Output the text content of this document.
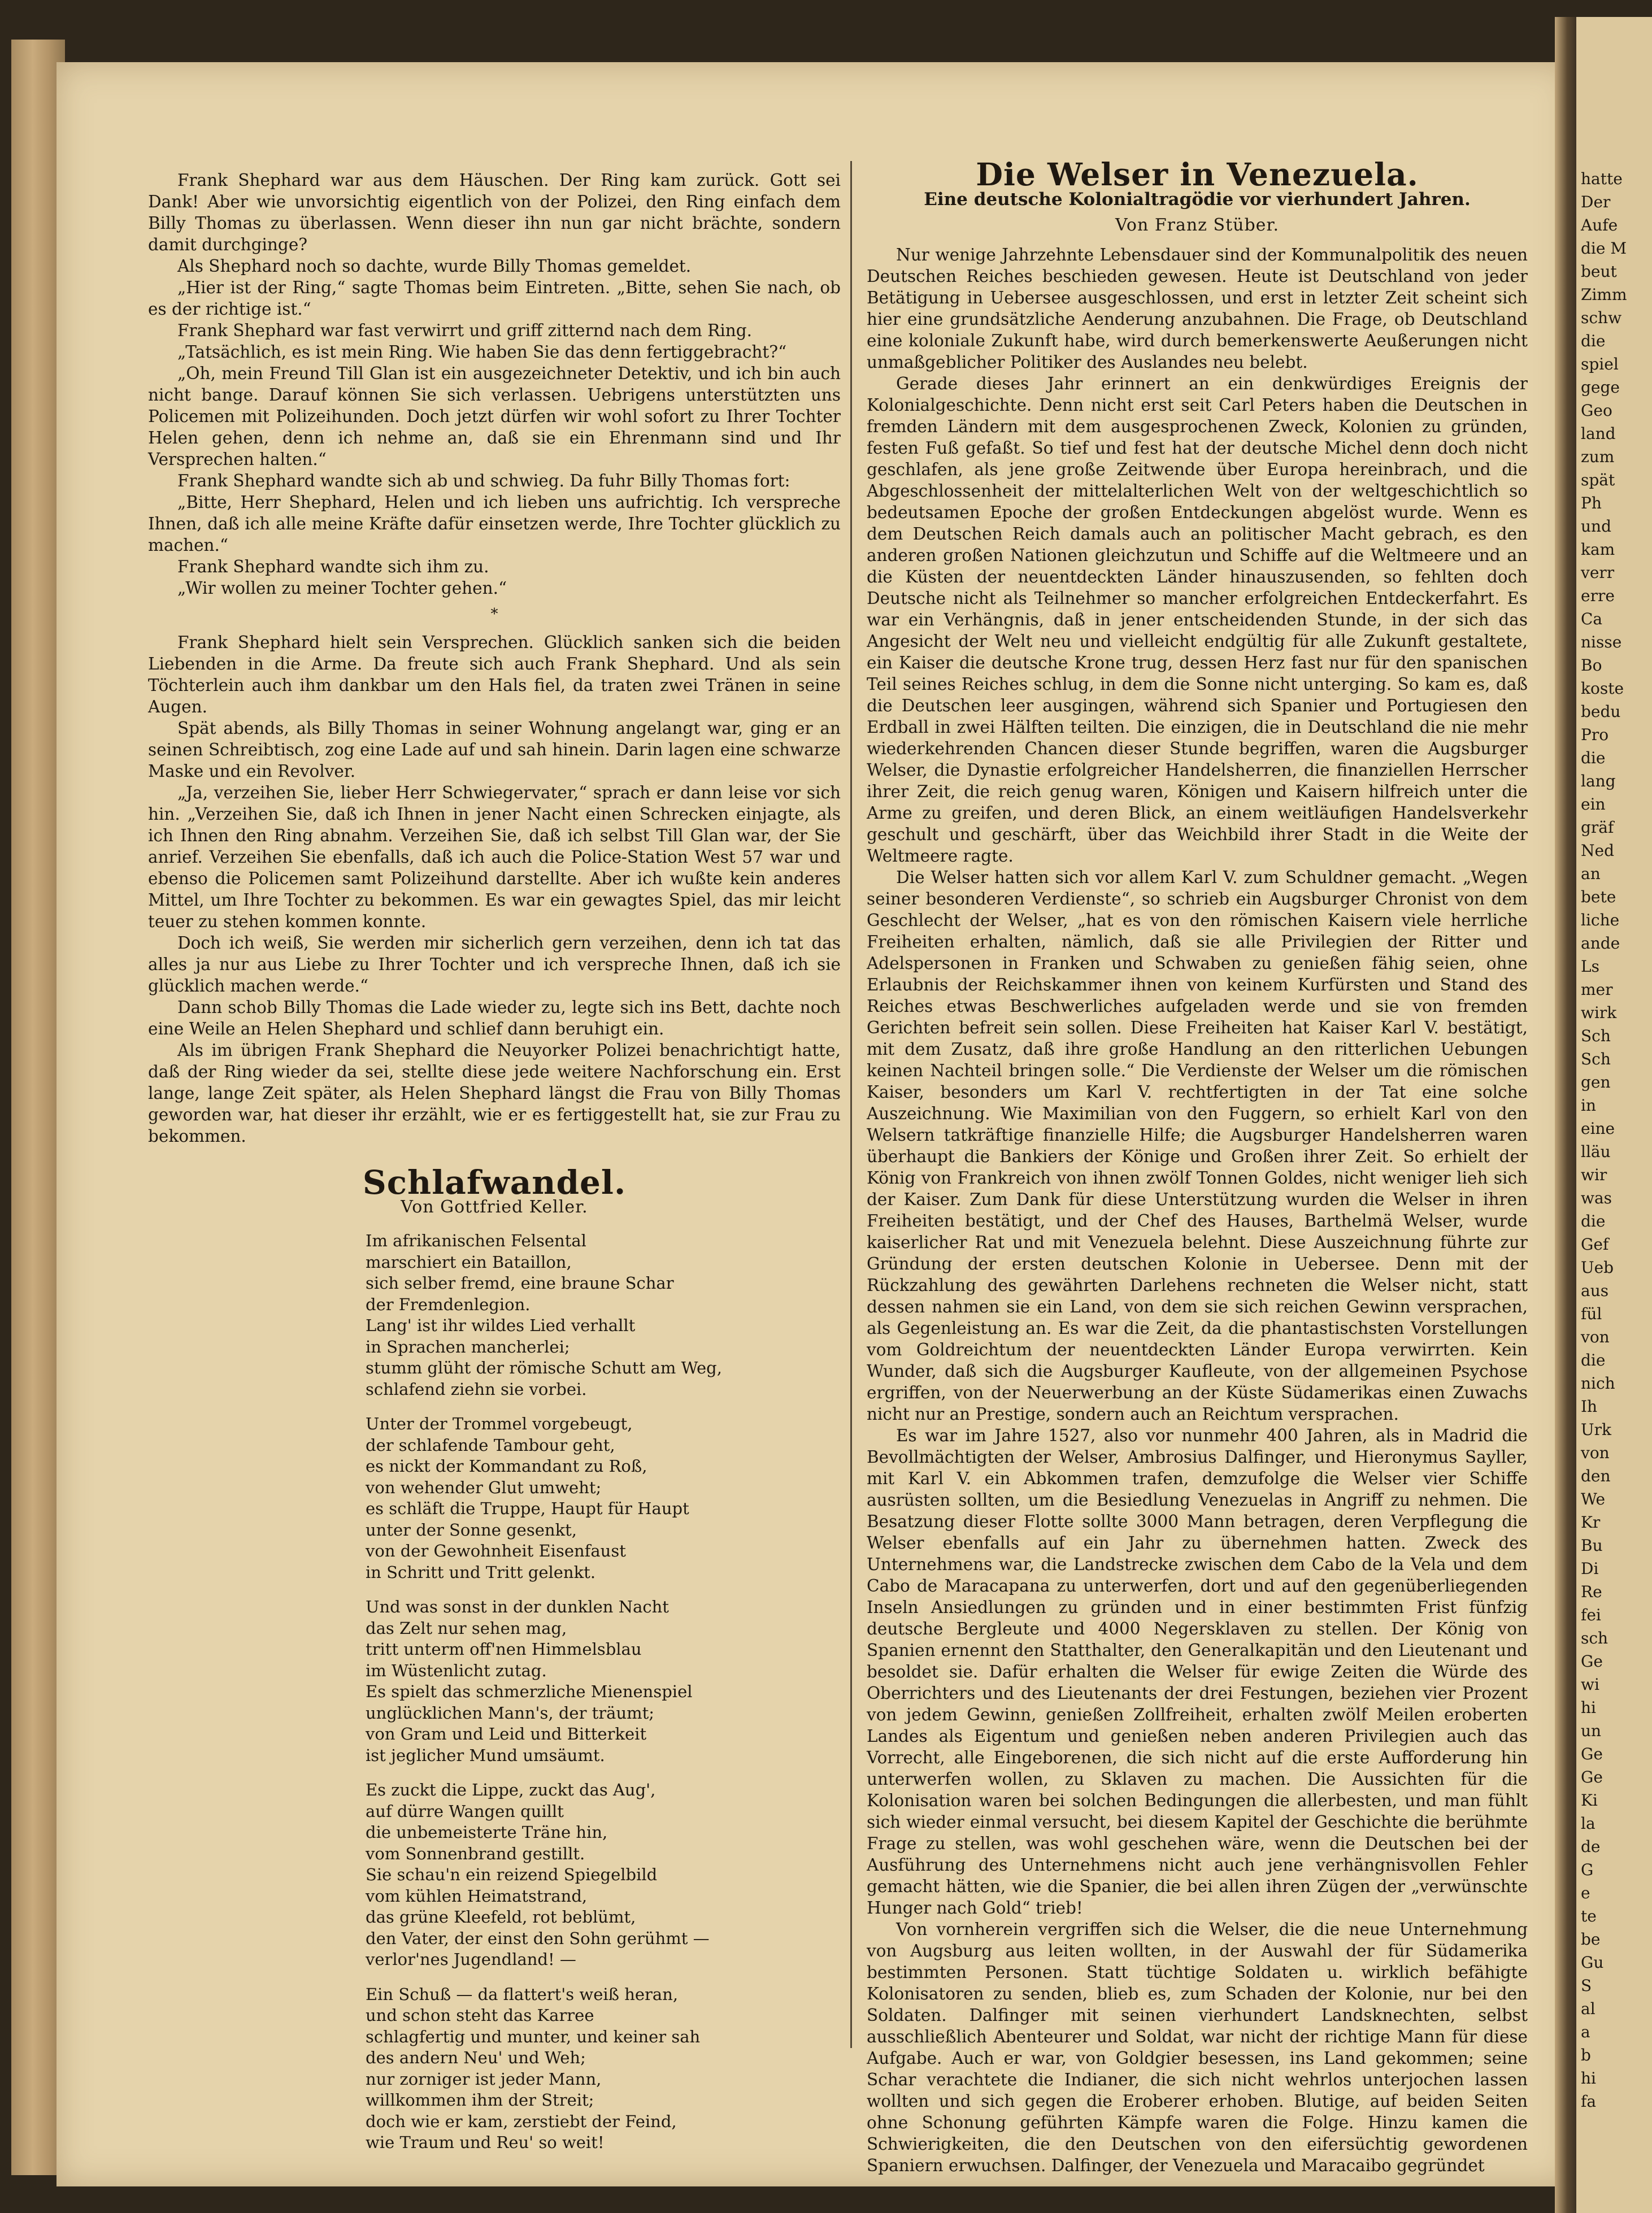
hatte
Der
Aufe
die M
beut
Zimm
schw
die
spiel
gege
Geo
land
zum
spät
Ph
und
kam
verr
erre
Ca
nisse
Bo
koste
bedu
Pro
die
lang
ein
gräf
Ned
an
bete
liche
ande
Ls
mer
wirk
Sch
Sch
gen
in
eine
lläu
wir
was
die
Gef
Ueb
aus
fül
von
die
nich
Ih
Urk
von
den
We
Kr
Bu
Di
Re
fei
sch
Ge
wi
hi
un
Ge
Ge
Ki
la
de
G
e
te
be
Gu
S
al
a
b
hi
fa

Frank Shephard war aus dem Häuschen. Der Ring kam zurück. Gott sei Dank! Aber wie unvorsichtig eigentlich von der Polizei, den Ring einfach dem Billy Thomas zu überlassen. Wenn dieser ihn nun gar nicht brächte, sondern damit durchginge?

Als Shephard noch so dachte, wurde Billy Thomas gemeldet.

„Hier ist der Ring,“ sagte Thomas beim Eintreten. „Bitte, sehen Sie nach, ob es der richtige ist.“

Frank Shephard war fast verwirrt und griff zitternd nach dem Ring.

„Tatsächlich, es ist mein Ring. Wie haben Sie das denn fertiggebracht?“

„Oh, mein Freund Till Glan ist ein ausgezeichneter Detektiv, und ich bin auch nicht bange. Darauf können Sie sich verlassen. Uebrigens unterstützten uns Policemen mit Polizeihunden. Doch jetzt dürfen wir wohl sofort zu Ihrer Tochter Helen gehen, denn ich nehme an, daß sie ein Ehrenmann sind und Ihr Versprechen halten.“

Frank Shephard wandte sich ab und schwieg. Da fuhr Billy Thomas fort:

„Bitte, Herr Shephard, Helen und ich lieben uns aufrichtig. Ich verspreche Ihnen, daß ich alle meine Kräfte dafür einsetzen werde, Ihre Tochter glücklich zu machen.“

Frank Shephard wandte sich ihm zu.

„Wir wollen zu meiner Tochter gehen.“

*

Frank Shephard hielt sein Versprechen. Glücklich sanken sich die beiden Liebenden in die Arme. Da freute sich auch Frank Shephard. Und als sein Töchterlein auch ihm dankbar um den Hals fiel, da traten zwei Tränen in seine Augen.

Spät abends, als Billy Thomas in seiner Wohnung angelangt war, ging er an seinen Schreibtisch, zog eine Lade auf und sah hinein. Darin lagen eine schwarze Maske und ein Revolver.

„Ja, verzeihen Sie, lieber Herr Schwiegervater,“ sprach er dann leise vor sich hin. „Verzeihen Sie, daß ich Ihnen in jener Nacht einen Schrecken einjagte, als ich Ihnen den Ring abnahm. Verzeihen Sie, daß ich selbst Till Glan war, der Sie anrief. Verzeihen Sie ebenfalls, daß ich auch die Police-Station West 57 war und ebenso die Policemen samt Polizeihund darstellte. Aber ich wußte kein anderes Mittel, um Ihre Tochter zu bekommen. Es war ein gewagtes Spiel, das mir leicht teuer zu stehen kommen konnte.

Doch ich weiß, Sie werden mir sicherlich gern verzeihen, denn ich tat das alles ja nur aus Liebe zu Ihrer Tochter und ich verspreche Ihnen, daß ich sie glücklich machen werde.“

Dann schob Billy Thomas die Lade wieder zu, legte sich ins Bett, dachte noch eine Weile an Helen Shephard und schlief dann beruhigt ein.

Als im übrigen Frank Shephard die Neuyorker Polizei benachrichtigt hatte, daß der Ring wieder da sei, stellte diese jede weitere Nachforschung ein. Erst lange, lange Zeit später, als Helen Shephard längst die Frau von Billy Thomas geworden war, hat dieser ihr erzählt, wie er es fertiggestellt hat, sie zur Frau zu bekommen.

Schlafwandel.
Von Gottfried Keller.
Im afrikanischen Felsental
marschiert ein Bataillon,
sich selber fremd, eine braune Schar
der Fremdenlegion.
Lang' ist ihr wildes Lied verhallt
in Sprachen mancherlei;
stumm glüht der römische Schutt am Weg,
schlafend ziehn sie vorbei.
Unter der Trommel vorgebeugt,
der schlafende Tambour geht,
es nickt der Kommandant zu Roß,
von wehender Glut umweht;
es schläft die Truppe, Haupt für Haupt
unter der Sonne gesenkt,
von der Gewohnheit Eisenfaust
in Schritt und Tritt gelenkt.
Und was sonst in der dunklen Nacht
das Zelt nur sehen mag,
tritt unterm off'nen Himmelsblau
im Wüstenlicht zutag.
Es spielt das schmerzliche Mienenspiel
unglücklichen Mann's, der träumt;
von Gram und Leid und Bitterkeit
ist jeglicher Mund umsäumt.
Es zuckt die Lippe, zuckt das Aug',
auf dürre Wangen quillt
die unbemeisterte Träne hin,
vom Sonnenbrand gestillt.
Sie schau'n ein reizend Spiegelbild
vom kühlen Heimatstrand,
das grüne Kleefeld, rot beblümt,
den Vater, der einst den Sohn gerühmt —
verlor'nes Jugendland! —
Ein Schuß — da flattert's weiß heran,
und schon steht das Karree
schlagfertig und munter, und keiner sah
des andern Neu' und Weh;
nur zorniger ist jeder Mann,
willkommen ihm der Streit;
doch wie er kam, zerstiebt der Feind,
wie Traum und Reu' so weit!
Die Welser in Venezuela.
Eine deutsche Kolonialtragödie vor vierhundert Jahren.
Von Franz Stüber.

Nur wenige Jahrzehnte Lebensdauer sind der Kommunalpolitik des neuen Deutschen Reiches beschieden gewesen. Heute ist Deutschland von jeder Betätigung in Uebersee ausgeschlossen, und erst in letzter Zeit scheint sich hier eine grundsätzliche Aenderung anzubahnen. Die Frage, ob Deutschland eine koloniale Zukunft habe, wird durch bemerkenswerte Aeußerungen nicht unmaßgeblicher Politiker des Auslandes neu belebt.

Gerade dieses Jahr erinnert an ein denkwürdiges Ereignis der Kolonialgeschichte. Denn nicht erst seit Carl Peters haben die Deutschen in fremden Ländern mit dem ausgesprochenen Zweck, Kolonien zu gründen, festen Fuß gefaßt. So tief und fest hat der deutsche Michel denn doch nicht geschlafen, als jene große Zeitwende über Europa hereinbrach, und die Abgeschlossenheit der mittelalterlichen Welt von der weltgeschichtlich so bedeutsamen Epoche der großen Entdeckungen abgelöst wurde. Wenn es dem Deutschen Reich damals auch an politischer Macht gebrach, es den anderen großen Nationen gleichzutun und Schiffe auf die Weltmeere und an die Küsten der neuentdeckten Länder hinauszusenden, so fehlten doch Deutsche nicht als Teilnehmer so mancher erfolgreichen Entdeckerfahrt. Es war ein Verhängnis, daß in jener entscheidenden Stunde, in der sich das Angesicht der Welt neu und vielleicht endgültig für alle Zukunft gestaltete, ein Kaiser die deutsche Krone trug, dessen Herz fast nur für den spanischen Teil seines Reiches schlug, in dem die Sonne nicht unterging. So kam es, daß die Deutschen leer ausgingen, während sich Spanier und Portugiesen den Erdball in zwei Hälften teilten. Die einzigen, die in Deutschland die nie mehr wiederkehrenden Chancen dieser Stunde begriffen, waren die Augsburger Welser, die Dynastie erfolgreicher Handelsherren, die finanziellen Herrscher ihrer Zeit, die reich genug waren, Königen und Kaisern hilfreich unter die Arme zu greifen, und deren Blick, an einem weitläufigen Handelsverkehr geschult und geschärft, über das Weichbild ihrer Stadt in die Weite der Weltmeere ragte.

Die Welser hatten sich vor allem Karl V. zum Schuldner gemacht. „Wegen seiner besonderen Verdienste“, so schrieb ein Augsburger Chronist von dem Geschlecht der Welser, „hat es von den römischen Kaisern viele herrliche Freiheiten erhalten, nämlich, daß sie alle Privilegien der Ritter und Adelspersonen in Franken und Schwaben zu genießen fähig seien, ohne Erlaubnis der Reichskammer ihnen von keinem Kurfürsten und Stand des Reiches etwas Beschwerliches aufgeladen werde und sie von fremden Gerichten befreit sein sollen. Diese Freiheiten hat Kaiser Karl V. bestätigt, mit dem Zusatz, daß ihre große Handlung an den ritterlichen Uebungen keinen Nachteil bringen solle.“ Die Verdienste der Welser um die römischen Kaiser, besonders um Karl V. rechtfertigten in der Tat eine solche Auszeichnung. Wie Maximilian von den Fuggern, so erhielt Karl von den Welsern tatkräftige finanzielle Hilfe; die Augsburger Handelsherren waren überhaupt die Bankiers der Könige und Großen ihrer Zeit. So erhielt der König von Frankreich von ihnen zwölf Tonnen Goldes, nicht weniger lieh sich der Kaiser. Zum Dank für diese Unterstützung wurden die Welser in ihren Freiheiten bestätigt, und der Chef des Hauses, Barthelmä Welser, wurde kaiserlicher Rat und mit Venezuela belehnt. Diese Auszeichnung führte zur Gründung der ersten deutschen Kolonie in Uebersee. Denn mit der Rückzahlung des gewährten Darlehens rechneten die Welser nicht, statt dessen nahmen sie ein Land, von dem sie sich reichen Gewinn versprachen, als Gegenleistung an. Es war die Zeit, da die phantastischsten Vorstellungen vom Goldreichtum der neuentdeckten Länder Europa verwirrten. Kein Wunder, daß sich die Augsburger Kaufleute, von der allgemeinen Psychose ergriffen, von der Neuerwerbung an der Küste Südamerikas einen Zuwachs nicht nur an Prestige, sondern auch an Reichtum versprachen.

Es war im Jahre 1527, also vor nunmehr 400 Jahren, als in Madrid die Bevollmächtigten der Welser, Ambrosius Dalfinger, und Hieronymus Sayller, mit Karl V. ein Abkommen trafen, demzufolge die Welser vier Schiffe ausrüsten sollten, um die Besiedlung Venezuelas in Angriff zu nehmen. Die Besatzung dieser Flotte sollte 3000 Mann betragen, deren Verpflegung die Welser ebenfalls auf ein Jahr zu übernehmen hatten. Zweck des Unternehmens war, die Landstrecke zwischen dem Cabo de la Vela und dem Cabo de Maracapana zu unterwerfen, dort und auf den gegenüberliegenden Inseln Ansiedlungen zu gründen und in einer bestimmten Frist fünfzig deutsche Bergleute und 4000 Negersklaven zu stellen. Der König von Spanien ernennt den Statthalter, den Generalkapitän und den Lieutenant und besoldet sie. Dafür erhalten die Welser für ewige Zeiten die Würde des Oberrichters und des Lieutenants der drei Festungen, beziehen vier Prozent von jedem Gewinn, genießen Zollfreiheit, erhalten zwölf Meilen eroberten Landes als Eigentum und genießen neben anderen Privilegien auch das Vorrecht, alle Eingeborenen, die sich nicht auf die erste Aufforderung hin unterwerfen wollen, zu Sklaven zu machen. Die Aussichten für die Kolonisation waren bei solchen Bedingungen die allerbesten, und man fühlt sich wieder einmal versucht, bei diesem Kapitel der Geschichte die berühmte Frage zu stellen, was wohl geschehen wäre, wenn die Deutschen bei der Ausführung des Unternehmens nicht auch jene verhängnisvollen Fehler gemacht hätten, wie die Spanier, die bei allen ihren Zügen der „verwünschte Hunger nach Gold“ trieb!

Von vornherein vergriffen sich die Welser, die die neue Unternehmung von Augsburg aus leiten wollten, in der Auswahl der für Südamerika bestimmten Personen. Statt tüchtige Soldaten u. wirklich befähigte Kolonisatoren zu senden, blieb es, zum Schaden der Kolonie, nur bei den Soldaten. Dalfinger mit seinen vierhundert Landsknechten, selbst ausschließlich Abenteurer und Soldat, war nicht der richtige Mann für diese Aufgabe. Auch er war, von Goldgier besessen, ins Land gekommen; seine Schar verachtete die Indianer, die sich nicht wehrlos unterjochen lassen wollten und sich gegen die Eroberer erhoben. Blutige, auf beiden Seiten ohne Schonung geführten Kämpfe waren die Folge. Hinzu kamen die Schwierigkeiten, die den Deutschen von den eifersüchtig gewordenen Spaniern erwuchsen. Dalfinger, der Venezuela und Maracaibo gegründet
